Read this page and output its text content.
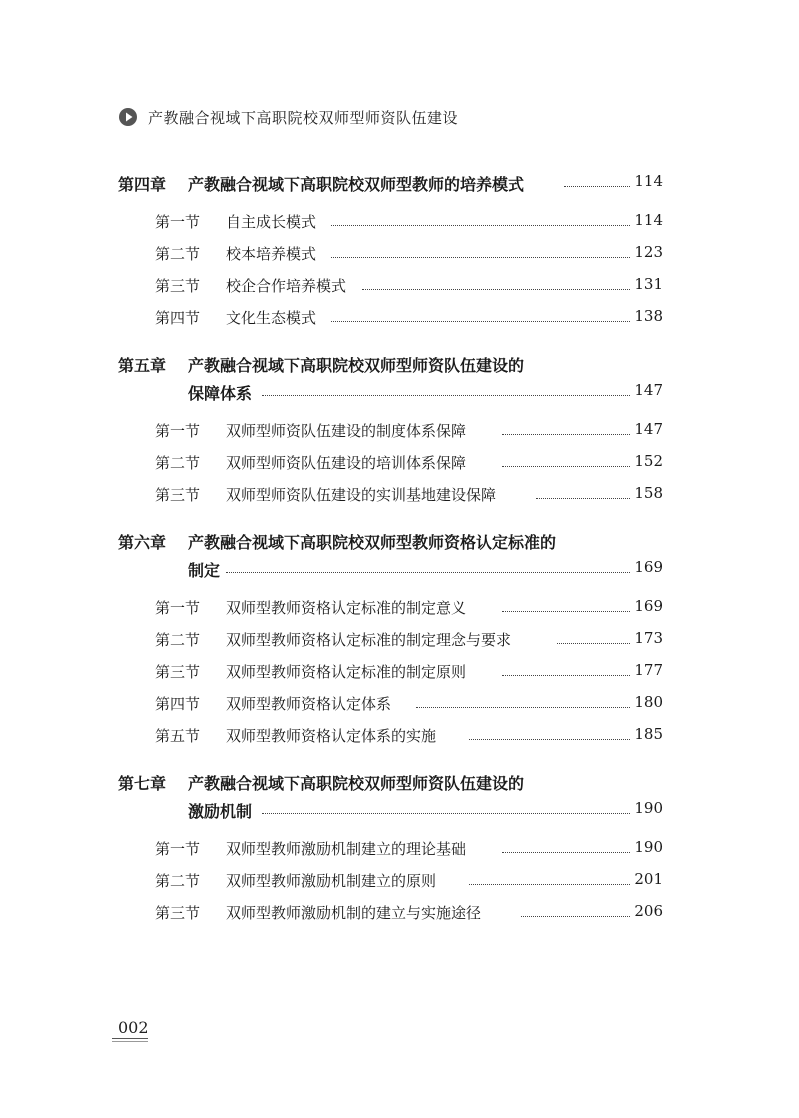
产教融合视域下高职院校双师型师资队伍建设
第四章 产教融合视域下高职院校双师型教师的培养模式	114
第一节 自主成长模式	114
第二节 校本培养模式	123
第三节 校企合作培养模式	131
第四节 文化生态模式	138
第五章 产教融合视域下高职院校双师型师资队伍建设的
保障体系	147
第一节 双师型师资队伍建设的制度体系保障	147
第二节 双师型师资队伍建设的培训体系保障	152
第三节 双师型师资队伍建设的实训基地建设保障	158
第六章 产教融合视域下高职院校双师型教师资格认定标准的
制定	169
第一节 双师型教师资格认定标准的制定意义	169
第二节 双师型教师资格认定标准的制定理念与要求	173
第三节 双师型教师资格认定标准的制定原则	177
第四节 双师型教师资格认定体系	180
第五节 双师型教师资格认定体系的实施	185
第七章 产教融合视域下高职院校双师型师资队伍建设的
激励机制	190
第一节 双师型教师激励机制建立的理论基础	190
第二节 双师型教师激励机制建立的原则	201
第三节 双师型教师激励机制的建立与实施途径	206
002
